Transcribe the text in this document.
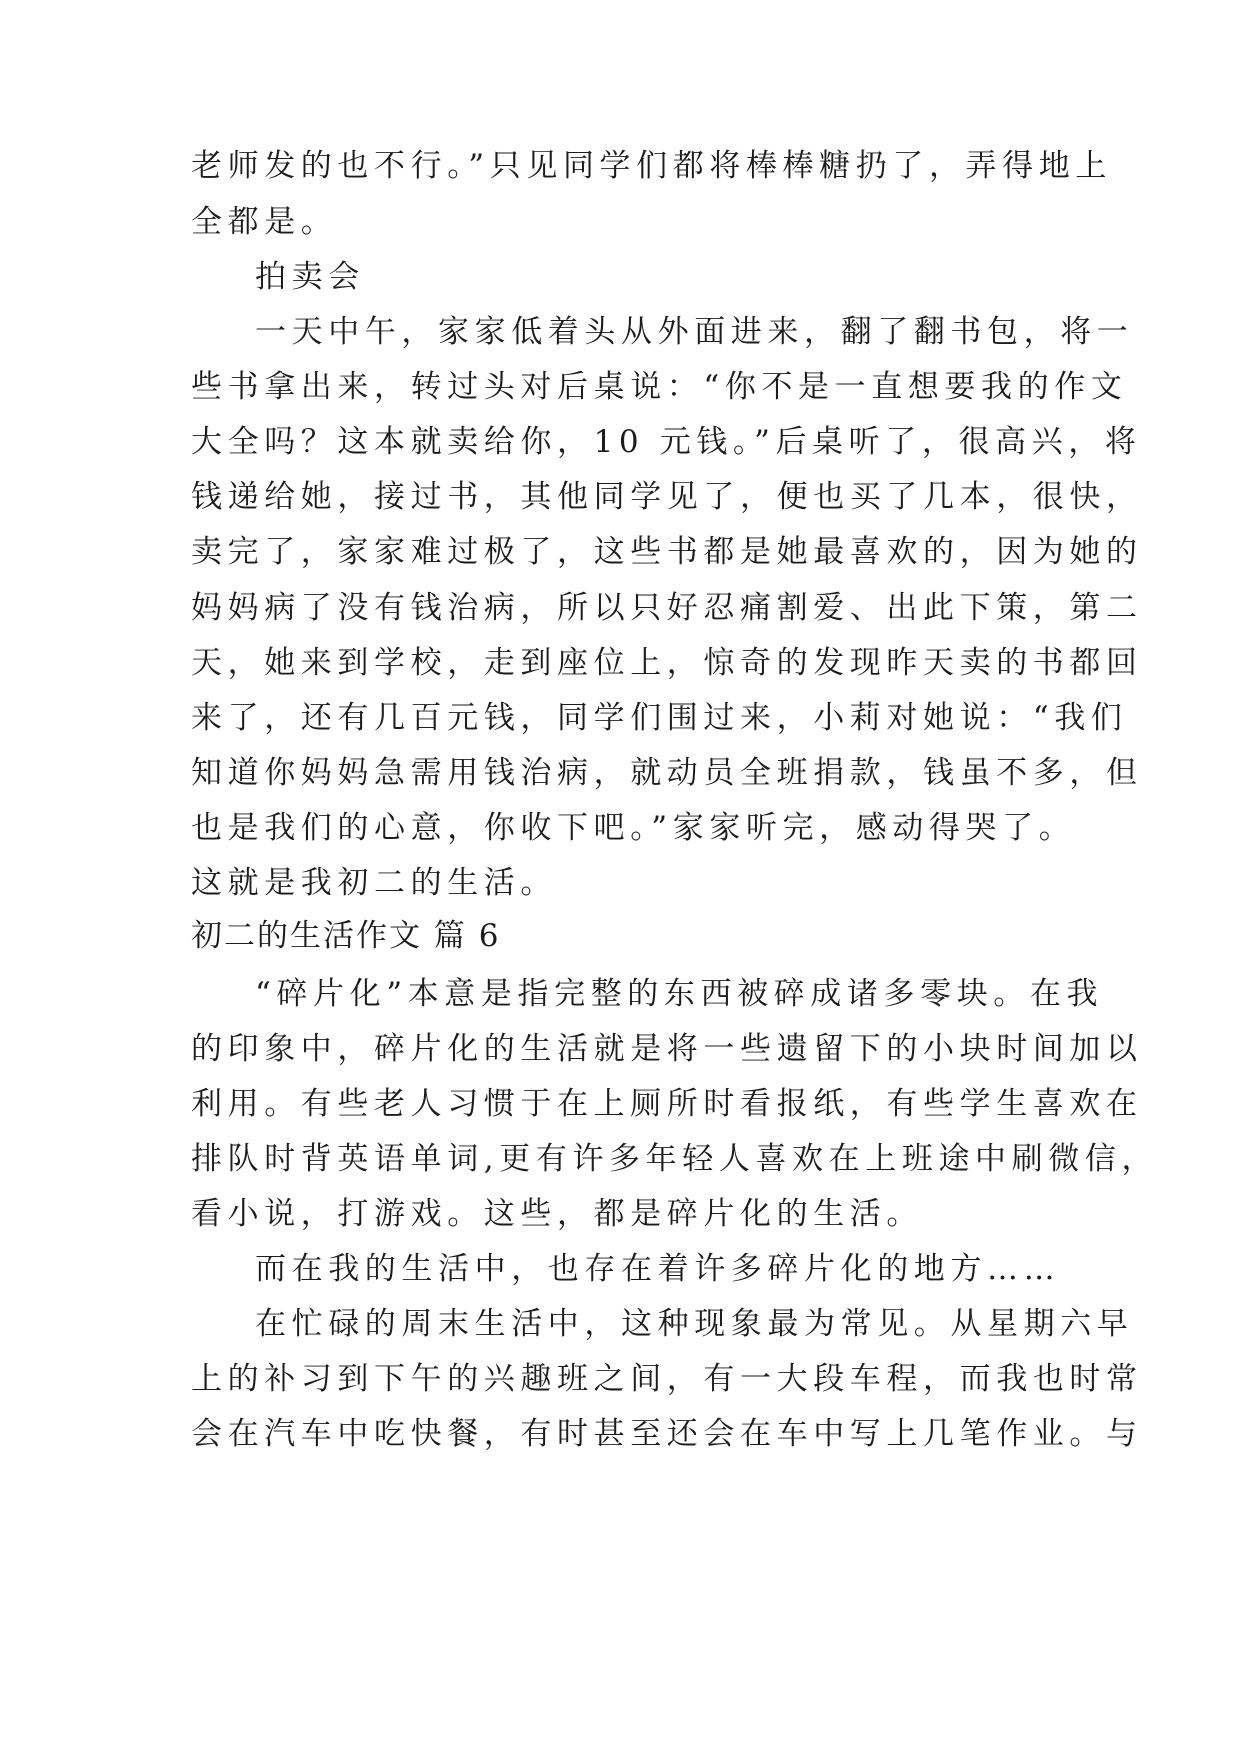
老师发的也不行。”只见同学们都将棒棒糖扔了，弄得地上
全都是。
拍卖会
一天中午，家家低着头从外面进来，翻了翻书包，将一
些书拿出来，转过头对后桌说：“你不是一直想要我的作文
大全吗？这本就卖给你，10 元钱。”后桌听了，很高兴，将
钱递给她，接过书，其他同学见了，便也买了几本，很快，
卖完了，家家难过极了，这些书都是她最喜欢的，因为她的
妈妈病了没有钱治病，所以只好忍痛割爱、出此下策，第二
天，她来到学校，走到座位上，惊奇的发现昨天卖的书都回
来了，还有几百元钱，同学们围过来，小莉对她说：“我们
知道你妈妈急需用钱治病，就动员全班捐款，钱虽不多，但
也是我们的心意，你收下吧。”家家听完，感动得哭了。
这就是我初二的生活。
初二的生活作文 篇 6
“碎片化”本意是指完整的东西被碎成诸多零块。在我
的印象中，碎片化的生活就是将一些遗留下的小块时间加以
利用。有些老人习惯于在上厕所时看报纸，有些学生喜欢在
排队时背英语单词,更有许多年轻人喜欢在上班途中刷微信，
看小说，打游戏。这些，都是碎片化的生活。
而在我的生活中，也存在着许多碎片化的地方……
在忙碌的周末生活中，这种现象最为常见。从星期六早
上的补习到下午的兴趣班之间，有一大段车程，而我也时常
会在汽车中吃快餐，有时甚至还会在车中写上几笔作业。与
